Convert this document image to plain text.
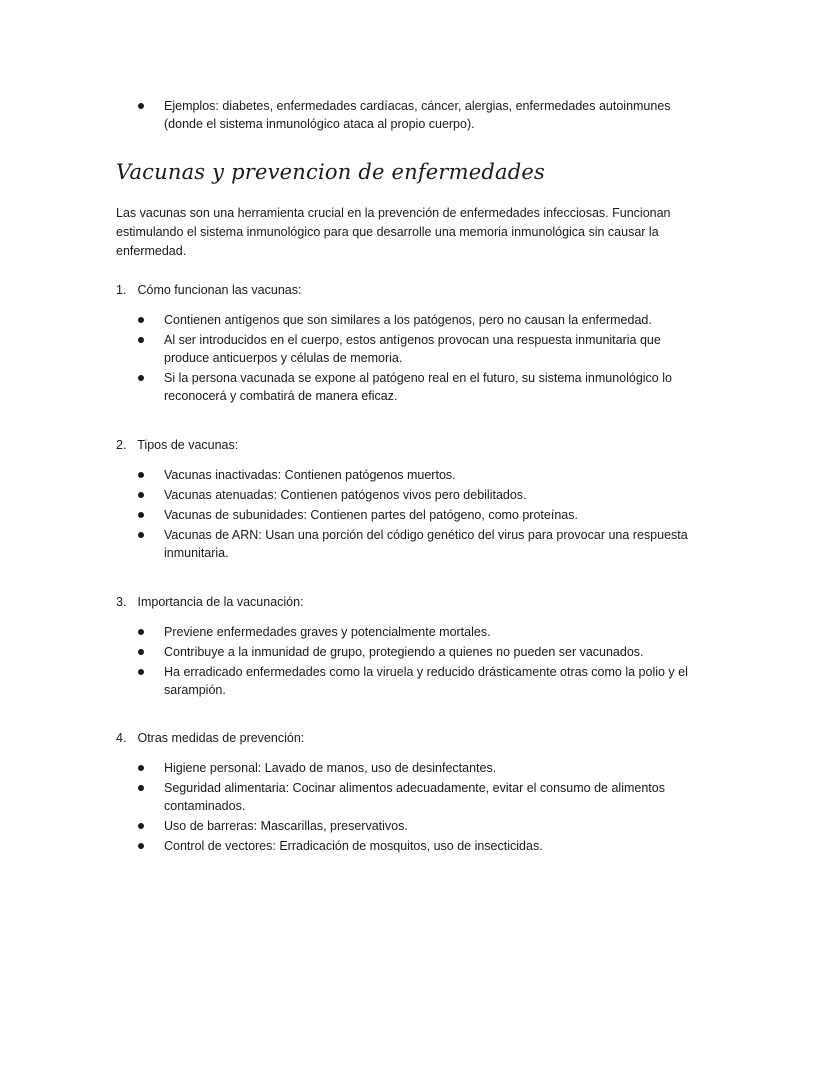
Ejemplos: diabetes, enfermedades cardíacas, cáncer, alergias, enfermedades autoinmunes (donde el sistema inmunológico ataca al propio cuerpo).
Vacunas y prevencion de enfermedades

Las vacunas son una herramienta crucial en la prevención de enfermedades infecciosas. Funcionan estimulando el sistema inmunológico para que desarrolle una memoria inmunológica sin causar la enfermedad.

1. Cómo funcionan las vacunas:

Contienen antígenos que son similares a los patógenos, pero no causan la enfermedad.
Al ser introducidos en el cuerpo, estos antígenos provocan una respuesta inmunitaria que produce anticuerpos y células de memoria.
Si la persona vacunada se expone al patógeno real en el futuro, su sistema inmunológico lo reconocerá y combatirá de manera eficaz.

2. Tipos de vacunas:

Vacunas inactivadas: Contienen patógenos muertos.
Vacunas atenuadas: Contienen patógenos vivos pero debilitados.
Vacunas de subunidades: Contienen partes del patógeno, como proteínas.
Vacunas de ARN: Usan una porción del código genético del virus para provocar una respuesta inmunitaria.

3. Importancia de la vacunación:

Previene enfermedades graves y potencialmente mortales.
Contribuye a la inmunidad de grupo, protegiendo a quienes no pueden ser vacunados.
Ha erradicado enfermedades como la viruela y reducido drásticamente otras como la polio y el sarampión.

4. Otras medidas de prevención:

Higiene personal: Lavado de manos, uso de desinfectantes.
Seguridad alimentaria: Cocinar alimentos adecuadamente, evitar el consumo de alimentos contaminados.
Uso de barreras: Mascarillas, preservativos.
Control de vectores: Erradicación de mosquitos, uso de insecticidas.
